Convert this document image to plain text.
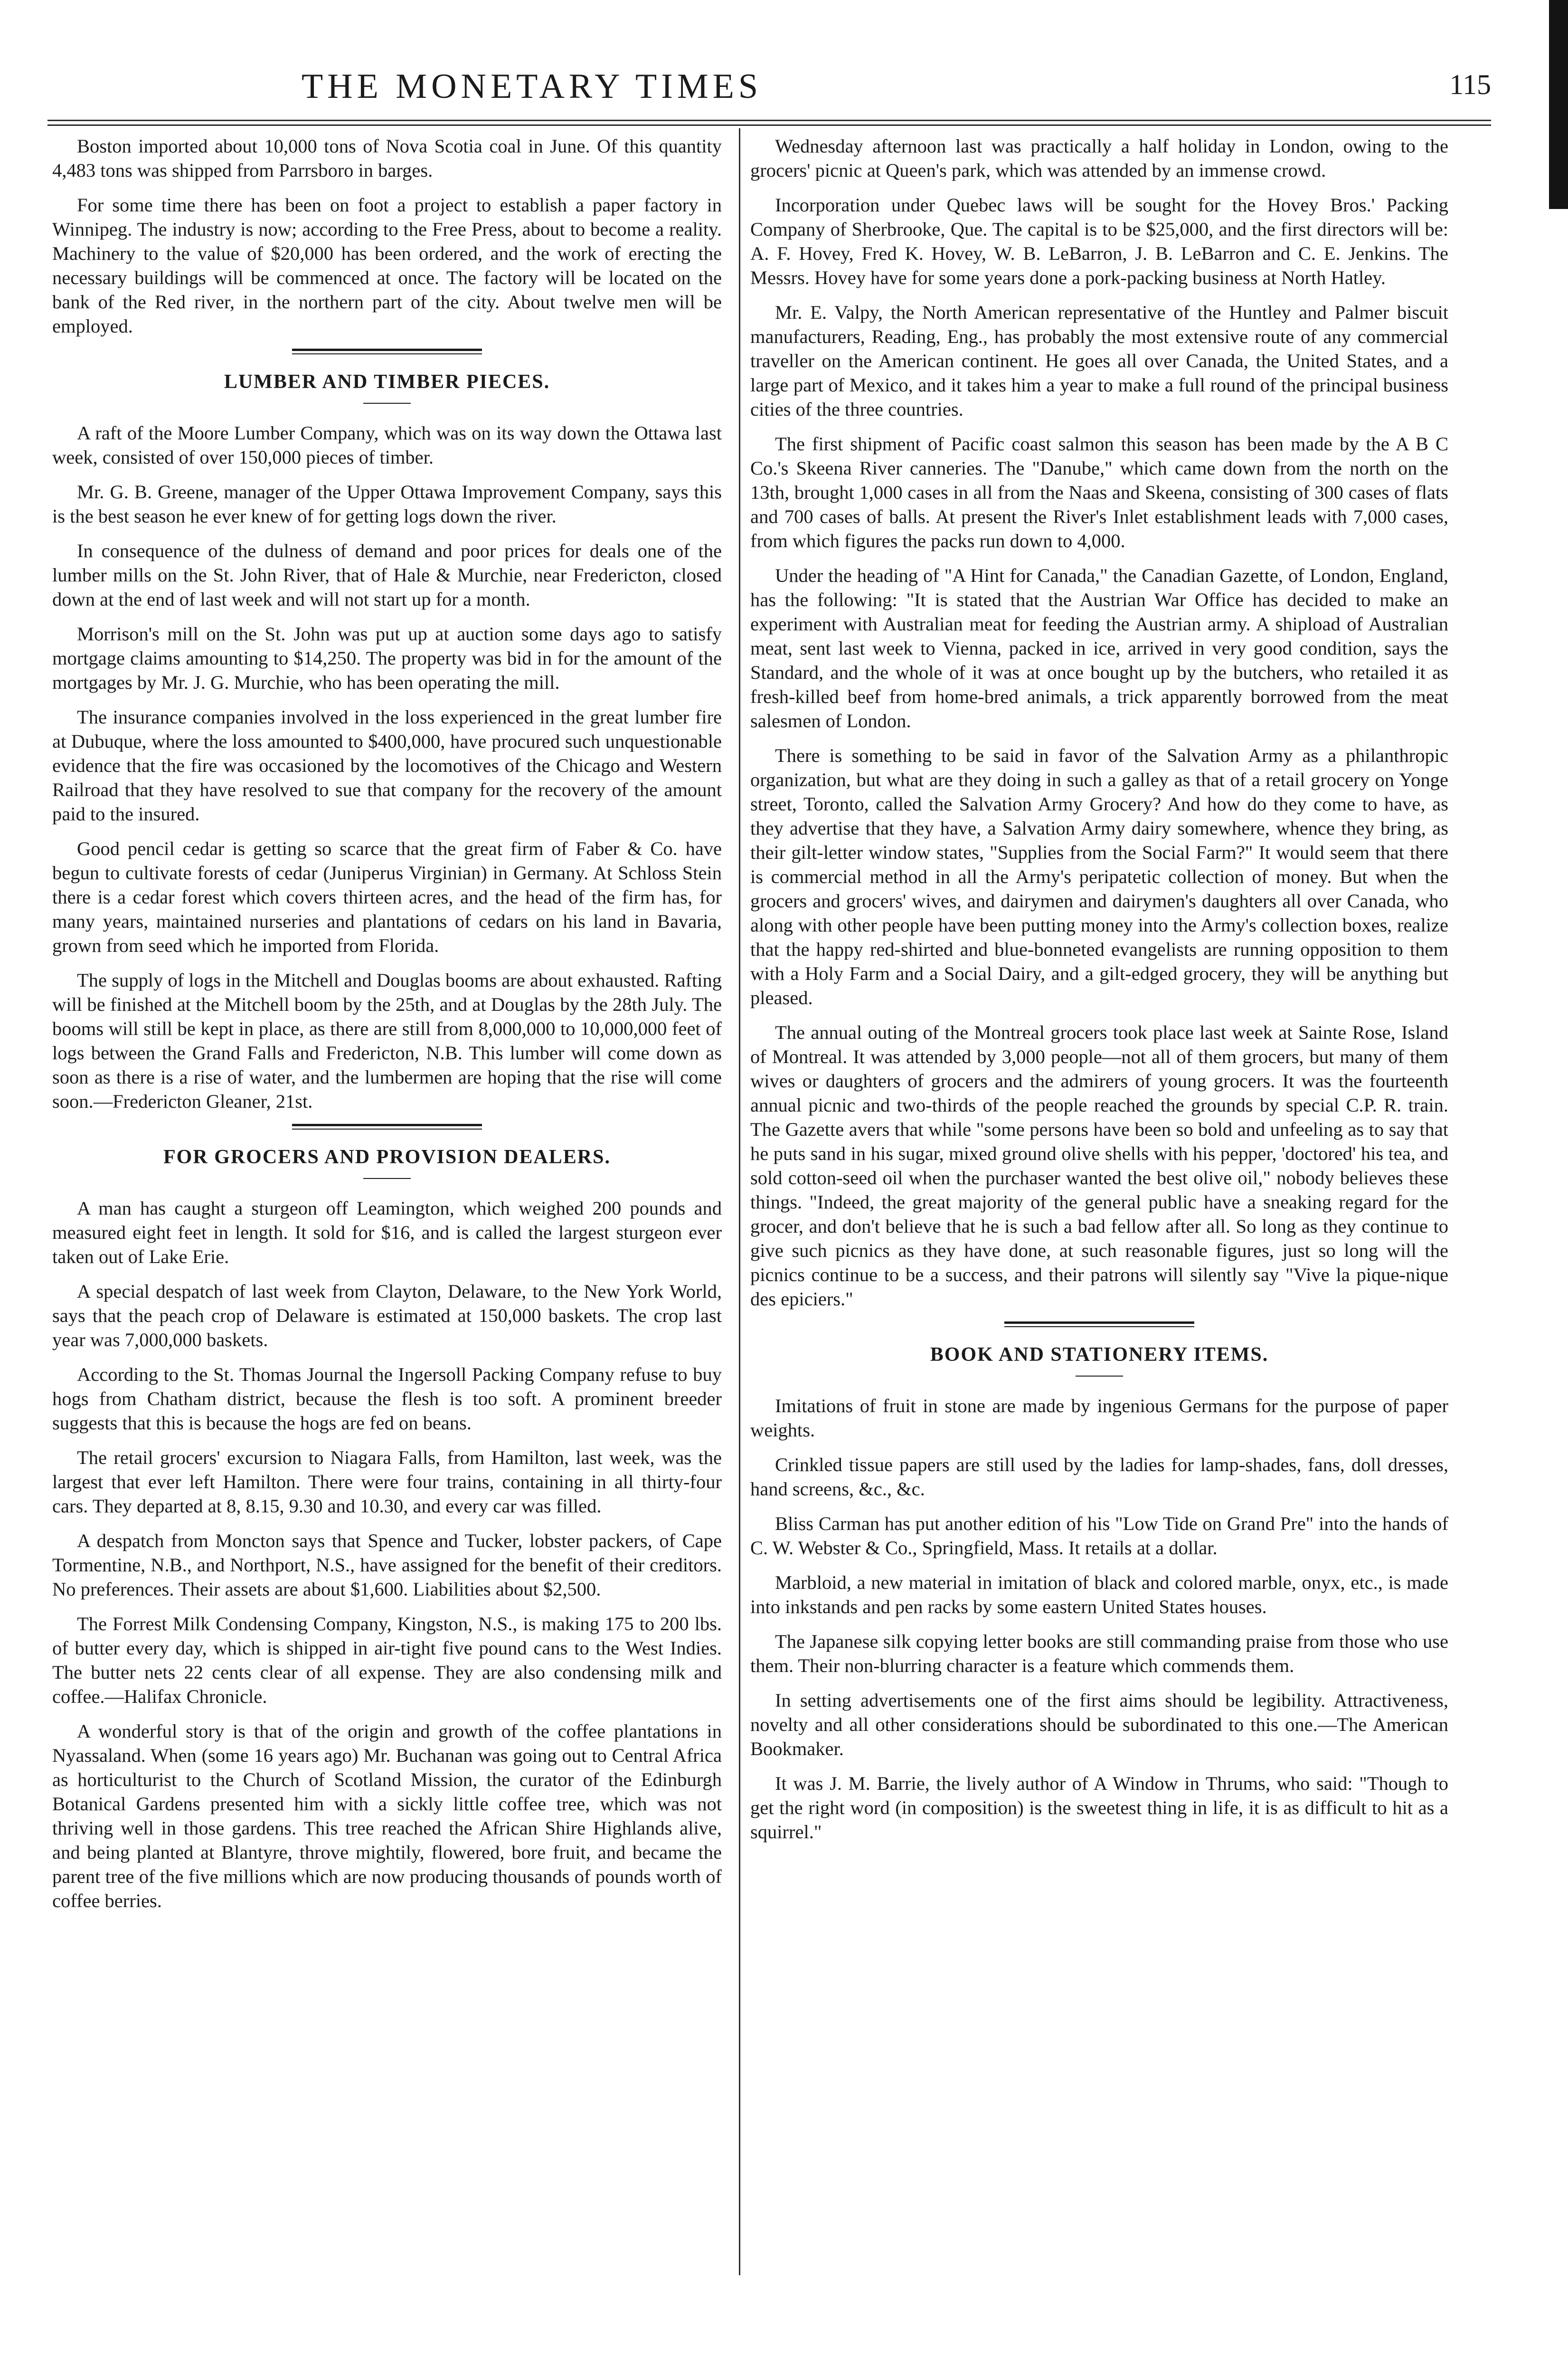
THE MONETARY TIMES	115

Boston imported about 10,000 tons of Nova Scotia coal in June. Of this quantity 4,483 tons was shipped from Parrsboro in barges.

For some time there has been on foot a project to establish a paper factory in Winnipeg. The industry is now; according to the Free Press, about to become a reality. Machinery to the value of $20,000 has been ordered, and the work of erecting the necessary buildings will be commenced at once. The factory will be located on the bank of the Red river, in the northern part of the city. About twelve men will be employed.

LUMBER AND TIMBER PIECES.

A raft of the Moore Lumber Company, which was on its way down the Ottawa last week, consisted of over 150,000 pieces of timber.

Mr. G. B. Greene, manager of the Upper Ottawa Improvement Company, says this is the best season he ever knew of for getting logs down the river.

In consequence of the dulness of demand and poor prices for deals one of the lumber mills on the St. John River, that of Hale & Murchie, near Fredericton, closed down at the end of last week and will not start up for a month.

Morrison's mill on the St. John was put up at auction some days ago to satisfy mortgage claims amounting to $14,250. The property was bid in for the amount of the mortgages by Mr. J. G. Murchie, who has been operating the mill.

The insurance companies involved in the loss experienced in the great lumber fire at Dubuque, where the loss amounted to $400,000, have procured such unquestionable evidence that the fire was occasioned by the locomotives of the Chicago and Western Railroad that they have resolved to sue that company for the recovery of the amount paid to the insured.

Good pencil cedar is getting so scarce that the great firm of Faber & Co. have begun to cultivate forests of cedar (Juniperus Virginian) in Germany. At Schloss Stein there is a cedar forest which covers thirteen acres, and the head of the firm has, for many years, maintained nurseries and plantations of cedars on his land in Bavaria, grown from seed which he imported from Florida.

The supply of logs in the Mitchell and Douglas booms are about exhausted. Rafting will be finished at the Mitchell boom by the 25th, and at Douglas by the 28th July. The booms will still be kept in place, as there are still from 8,000,000 to 10,000,000 feet of logs between the Grand Falls and Fredericton, N.B. This lumber will come down as soon as there is a rise of water, and the lumbermen are hoping that the rise will come soon.—Fredericton Gleaner, 21st.

FOR GROCERS AND PROVISION DEALERS.

A man has caught a sturgeon off Leamington, which weighed 200 pounds and measured eight feet in length. It sold for $16, and is called the largest sturgeon ever taken out of Lake Erie.

A special despatch of last week from Clayton, Delaware, to the New York World, says that the peach crop of Delaware is estimated at 150,000 baskets. The crop last year was 7,000,000 baskets.

According to the St. Thomas Journal the Ingersoll Packing Company refuse to buy hogs from Chatham district, because the flesh is too soft. A prominent breeder suggests that this is because the hogs are fed on beans.

The retail grocers' excursion to Niagara Falls, from Hamilton, last week, was the largest that ever left Hamilton. There were four trains, containing in all thirty-four cars. They departed at 8, 8.15, 9.30 and 10.30, and every car was filled.

A despatch from Moncton says that Spence and Tucker, lobster packers, of Cape Tormentine, N.B., and Northport, N.S., have assigned for the benefit of their creditors. No preferences. Their assets are about $1,600. Liabilities about $2,500.

The Forrest Milk Condensing Company, Kingston, N.S., is making 175 to 200 lbs. of butter every day, which is shipped in air-tight five pound cans to the West Indies. The butter nets 22 cents clear of all expense. They are also condensing milk and coffee.—Halifax Chronicle.

A wonderful story is that of the origin and growth of the coffee plantations in Nyassaland. When (some 16 years ago) Mr. Buchanan was going out to Central Africa as horticulturist to the Church of Scotland Mission, the curator of the Edinburgh Botanical Gardens presented him with a sickly little coffee tree, which was not thriving well in those gardens. This tree reached the African Shire Highlands alive, and being planted at Blantyre, throve mightily, flowered, bore fruit, and became the parent tree of the five millions which are now producing thousands of pounds worth of coffee berries.

Wednesday afternoon last was practically a half holiday in London, owing to the grocers' picnic at Queen's park, which was attended by an immense crowd.

Incorporation under Quebec laws will be sought for the Hovey Bros.' Packing Company of Sherbrooke, Que. The capital is to be $25,000, and the first directors will be: A. F. Hovey, Fred K. Hovey, W. B. LeBarron, J. B. LeBarron and C. E. Jenkins. The Messrs. Hovey have for some years done a pork-packing business at North Hatley.

Mr. E. Valpy, the North American representative of the Huntley and Palmer biscuit manufacturers, Reading, Eng., has probably the most extensive route of any commercial traveller on the American continent. He goes all over Canada, the United States, and a large part of Mexico, and it takes him a year to make a full round of the principal business cities of the three countries.

The first shipment of Pacific coast salmon this season has been made by the A B C Co.'s Skeena River canneries. The "Danube," which came down from the north on the 13th, brought 1,000 cases in all from the Naas and Skeena, consisting of 300 cases of flats and 700 cases of balls. At present the River's Inlet establishment leads with 7,000 cases, from which figures the packs run down to 4,000.

Under the heading of "A Hint for Canada," the Canadian Gazette, of London, England, has the following: "It is stated that the Austrian War Office has decided to make an experiment with Australian meat for feeding the Austrian army. A shipload of Australian meat, sent last week to Vienna, packed in ice, arrived in very good condition, says the Standard, and the whole of it was at once bought up by the butchers, who retailed it as fresh-killed beef from home-bred animals, a trick apparently borrowed from the meat salesmen of London.

There is something to be said in favor of the Salvation Army as a philanthropic organization, but what are they doing in such a galley as that of a retail grocery on Yonge street, Toronto, called the Salvation Army Grocery? And how do they come to have, as they advertise that they have, a Salvation Army dairy somewhere, whence they bring, as their gilt-letter window states, "Supplies from the Social Farm?" It would seem that there is commercial method in all the Army's peripatetic collection of money. But when the grocers and grocers' wives, and dairymen and dairymen's daughters all over Canada, who along with other people have been putting money into the Army's collection boxes, realize that the happy red-shirted and blue-bonneted evangelists are running opposition to them with a Holy Farm and a Social Dairy, and a gilt-edged grocery, they will be anything but pleased.

The annual outing of the Montreal grocers took place last week at Sainte Rose, Island of Montreal. It was attended by 3,000 people—not all of them grocers, but many of them wives or daughters of grocers and the admirers of young grocers. It was the fourteenth annual picnic and two-thirds of the people reached the grounds by special C.P. R. train. The Gazette avers that while "some persons have been so bold and unfeeling as to say that he puts sand in his sugar, mixed ground olive shells with his pepper, 'doctored' his tea, and sold cotton-seed oil when the purchaser wanted the best olive oil," nobody believes these things. "Indeed, the great majority of the general public have a sneaking regard for the grocer, and don't believe that he is such a bad fellow after all. So long as they continue to give such picnics as they have done, at such reasonable figures, just so long will the picnics continue to be a success, and their patrons will silently say "Vive la pique-nique des epiciers."

BOOK AND STATIONERY ITEMS.

Imitations of fruit in stone are made by ingenious Germans for the purpose of paper weights.

Crinkled tissue papers are still used by the ladies for lamp-shades, fans, doll dresses, hand screens, &c., &c.

Bliss Carman has put another edition of his "Low Tide on Grand Pre" into the hands of C. W. Webster & Co., Springfield, Mass. It retails at a dollar.

Marbloid, a new material in imitation of black and colored marble, onyx, etc., is made into inkstands and pen racks by some eastern United States houses.

The Japanese silk copying letter books are still commanding praise from those who use them. Their non-blurring character is a feature which commends them.

In setting advertisements one of the first aims should be legibility. Attractiveness, novelty and all other considerations should be subordinated to this one.—The American Bookmaker.

It was J. M. Barrie, the lively author of A Window in Thrums, who said: "Though to get the right word (in composition) is the sweetest thing in life, it is as difficult to hit as a squirrel."
